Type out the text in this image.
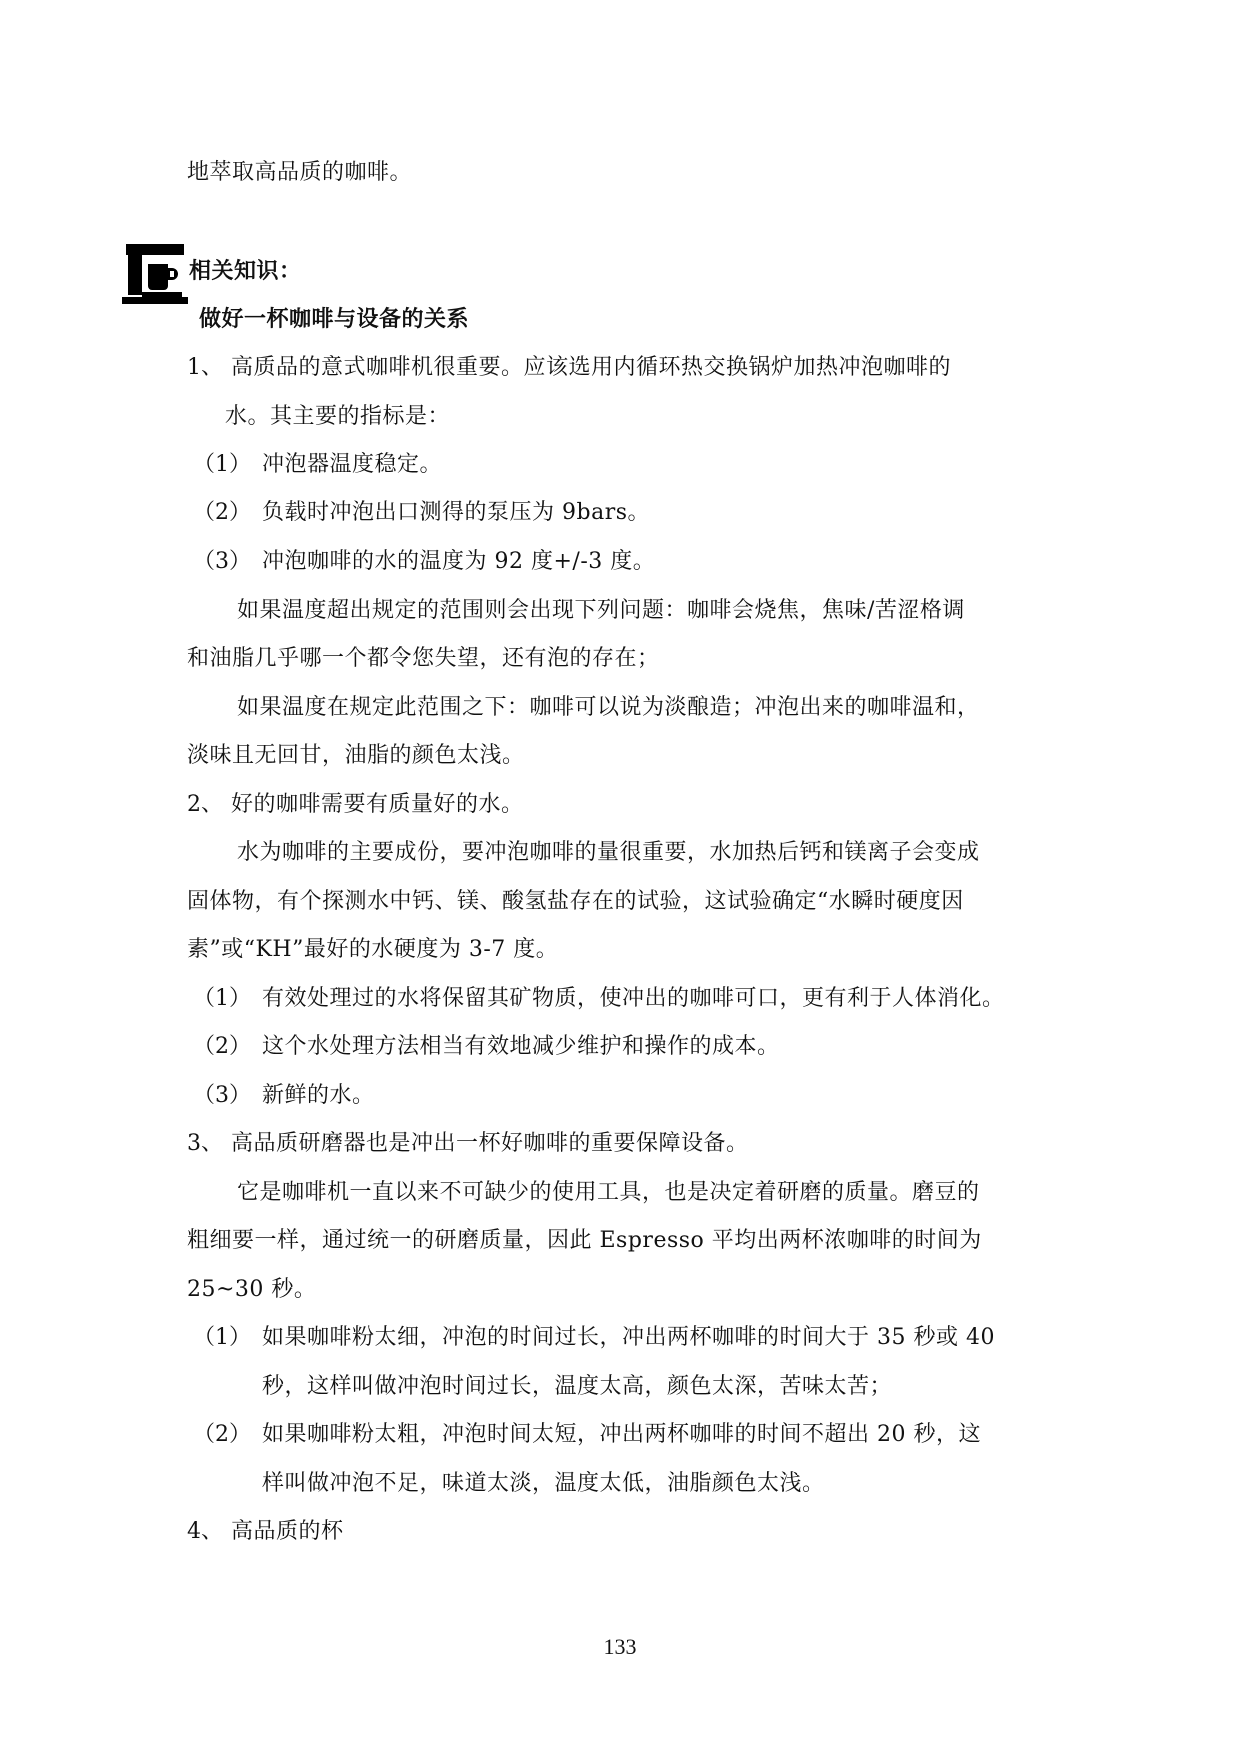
地萃取高品质的咖啡。
相关知识：
做好一杯咖啡与设备的关系
1、 高质品的意式咖啡机很重要。应该选用内循环热交换锅炉加热冲泡咖啡的
水。其主要的指标是：
（1） 冲泡器温度稳定。
（2） 负载时冲泡出口测得的泵压为 9bars。
（3） 冲泡咖啡的水的温度为 92 度+/-3 度。
如果温度超出规定的范围则会出现下列问题：咖啡会烧焦，焦味/苦涩格调
和油脂几乎哪一个都令您失望，还有泡的存在；
如果温度在规定此范围之下：咖啡可以说为淡酿造；冲泡出来的咖啡温和，
淡味且无回甘，油脂的颜色太浅。
2、 好的咖啡需要有质量好的水。
水为咖啡的主要成份，要冲泡咖啡的量很重要，水加热后钙和镁离子会变成
固体物，有个探测水中钙、镁、酸氢盐存在的试验，这试验确定“水瞬时硬度因
素”或“KH”最好的水硬度为 3-7 度。
（1） 有效处理过的水将保留其矿物质，使冲出的咖啡可口，更有利于人体消化。
（2） 这个水处理方法相当有效地减少维护和操作的成本。
（3） 新鲜的水。
3、 高品质研磨器也是冲出一杯好咖啡的重要保障设备。
它是咖啡机一直以来不可缺少的使用工具，也是决定着研磨的质量。磨豆的
粗细要一样，通过统一的研磨质量，因此 Espresso 平均出两杯浓咖啡的时间为
25~30 秒。
（1） 如果咖啡粉太细，冲泡的时间过长，冲出两杯咖啡的时间大于 35 秒或 40
秒，这样叫做冲泡时间过长，温度太高，颜色太深，苦味太苦；
（2） 如果咖啡粉太粗，冲泡时间太短，冲出两杯咖啡的时间不超出 20 秒，这
样叫做冲泡不足，味道太淡，温度太低，油脂颜色太浅。
4、 高品质的杯
133
